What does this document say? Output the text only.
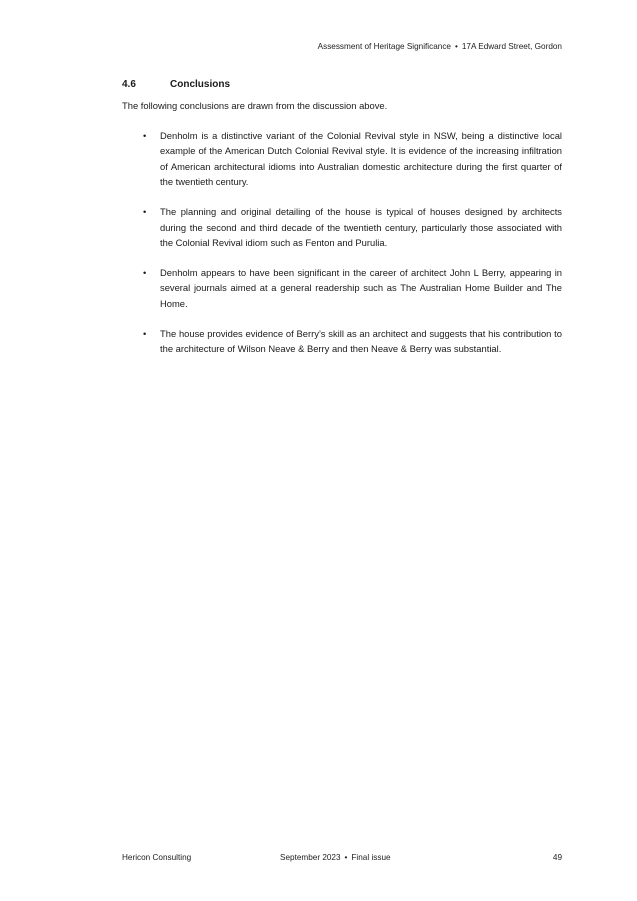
Assessment of Heritage Significance • 17A Edward Street, Gordon
4.6	Conclusions
The following conclusions are drawn from the discussion above.
• Denholm is a distinctive variant of the Colonial Revival style in NSW, being a distinctive local example of the American Dutch Colonial Revival style. It is evidence of the increasing infiltration of American architectural idioms into Australian domestic architecture during the first quarter of the twentieth century.
• The planning and original detailing of the house is typical of houses designed by architects during the second and third decade of the twentieth century, particularly those associated with the Colonial Revival idiom such as Fenton and Purulia.
• Denholm appears to have been significant in the career of architect John L Berry, appearing in several journals aimed at a general readership such as The Australian Home Builder and The Home.
• The house provides evidence of Berry’s skill as an architect and suggests that his contribution to the architecture of Wilson Neave & Berry and then Neave & Berry was substantial.
Hericon Consulting	September 2023 • Final issue	49
